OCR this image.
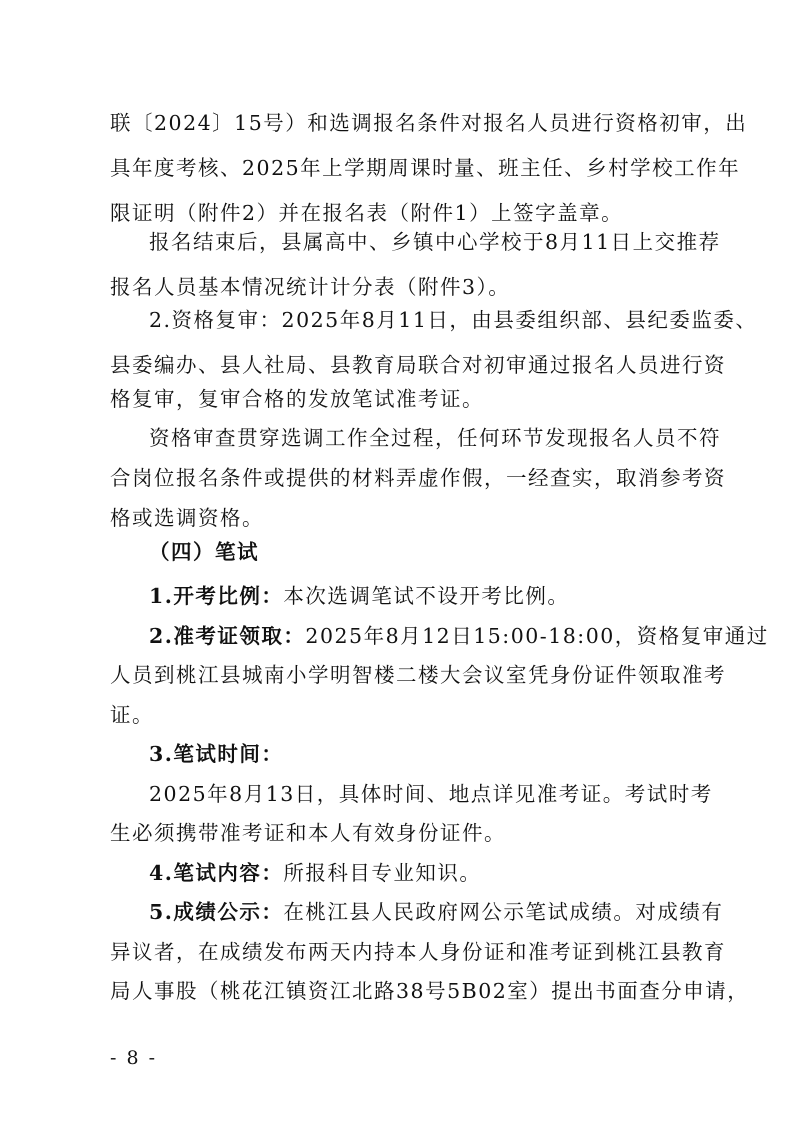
联〔2024〕15号）和选调报名条件对报名人员进行资格初审，出
具年度考核、2025年上学期周课时量、班主任、乡村学校工作年
限证明（附件2）并在报名表（附件1）上签字盖章。
报名结束后，县属高中、乡镇中心学校于8月11日上交推荐
报名人员基本情况统计计分表（附件3）。
2.资格复审：2025年8月11日，由县委组织部、县纪委监委、
县委编办、县人社局、县教育局联合对初审通过报名人员进行资
格复审，复审合格的发放笔试准考证。
资格审查贯穿选调工作全过程，任何环节发现报名人员不符
合岗位报名条件或提供的材料弄虚作假，一经查实，取消参考资
格或选调资格。
（四）笔试
1.开考比例：本次选调笔试不设开考比例。
2.准考证领取：2025年8月12日15:00-18:00，资格复审通过
人员到桃江县城南小学明智楼二楼大会议室凭身份证件领取准考
证。
3.笔试时间：
2025年8月13日，具体时间、地点详见准考证。考试时考
生必须携带准考证和本人有效身份证件。
4.笔试内容：所报科目专业知识。
5.成绩公示：在桃江县人民政府网公示笔试成绩。对成绩有
异议者，在成绩发布两天内持本人身份证和准考证到桃江县教育
局人事股（桃花江镇资江北路38号5B02室）提出书面查分申请，
- 8 -
